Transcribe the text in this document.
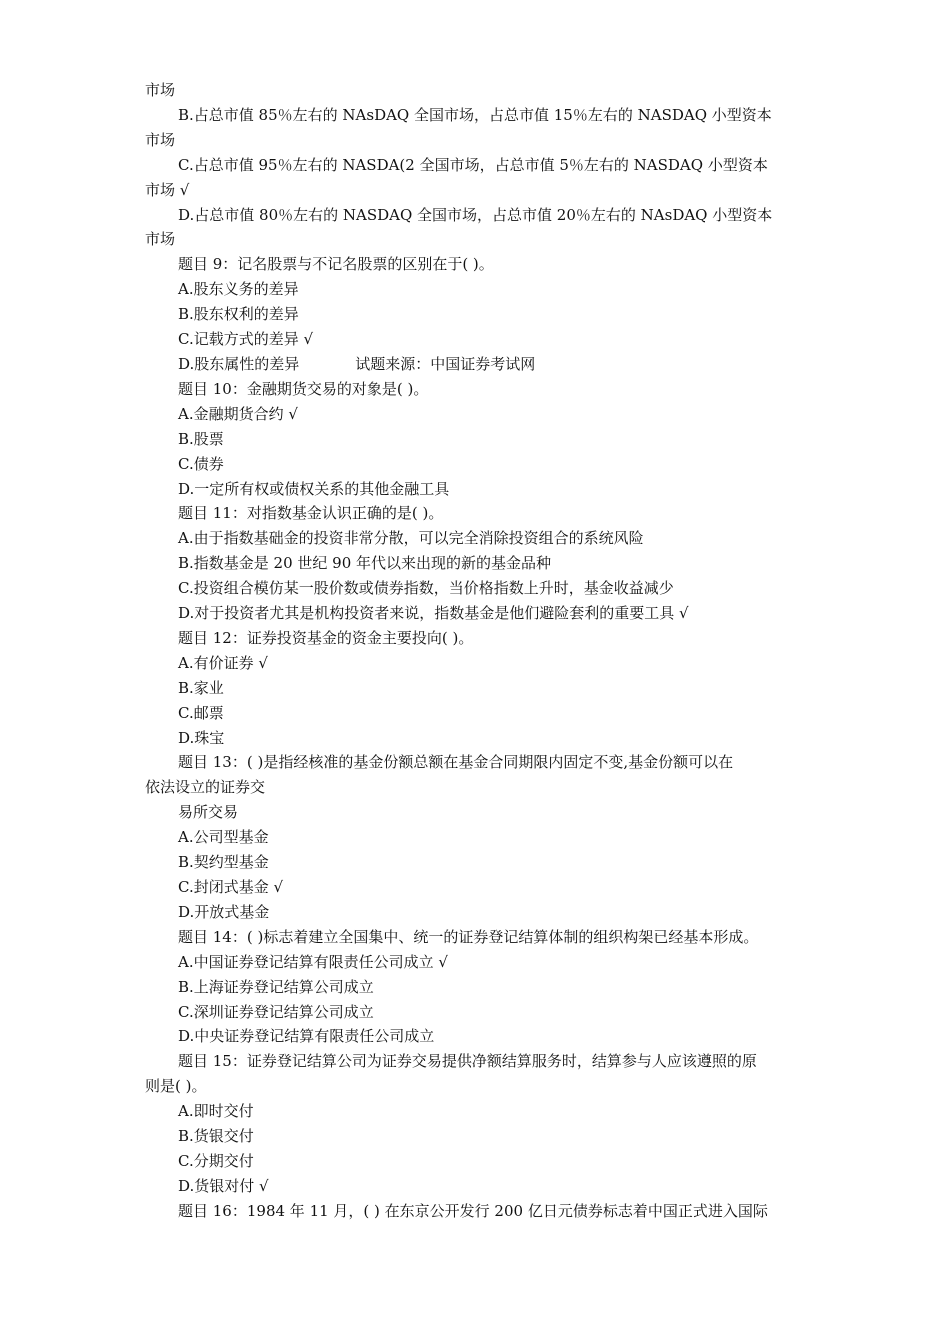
市场
B.占总市值 85％左右的 NAsDAQ 全国市场，占总市值 15％左右的 NASDAQ 小型资本
市场
C.占总市值 95％左右的 NASDA(2 全国市场，占总市值 5％左右的 NASDAQ 小型资本
市场 √
D.占总市值 80％左右的 NASDAQ 全国市场，占总市值 20％左右的 NAsDAQ 小型资本
市场
题目 9：记名股票与不记名股票的区别在于( )。
A.股东义务的差异
B.股东权利的差异
C.记载方式的差异 √
D.股东属性的差异	试题来源：中国证券考试网
题目 10：金融期货交易的对象是( )。
A.金融期货合约 √
B.股票
C.债券
D.一定所有权或债权关系的其他金融工具
题目 11：对指数基金认识正确的是( )。
A.由于指数基础金的投资非常分散，可以完全消除投资组合的系统风险
B.指数基金是 20 世纪 90 年代以来出现的新的基金品种
C.投资组合模仿某一股价数或债券指数，当价格指数上升时，基金收益减少
D.对于投资者尤其是机构投资者来说，指数基金是他们避险套利的重要工具 √
题目 12：证券投资基金的资金主要投向( )。
A.有价证券 √
B.家业
C.邮票
D.珠宝
题目 13：( )是指经核准的基金份额总额在基金合同期限内固定不变,基金份额可以在
依法设立的证券交
易所交易
A.公司型基金
B.契约型基金
C.封闭式基金 √
D.开放式基金
题目 14：( )标志着建立全国集中、统一的证券登记结算体制的组织构架已经基本形成。
A.中国证券登记结算有限责任公司成立 √
B.上海证券登记结算公司成立
C.深圳证券登记结算公司成立
D.中央证券登记结算有限责任公司成立
题目 15：证券登记结算公司为证券交易提供净额结算服务时，结算参与人应该遵照的原
则是( )。
A.即时交付
B.货银交付
C.分期交付
D.货银对付 √
题目 16：1984 年 11 月，( ) 在东京公开发行 200 亿日元债券标志着中国正式进入国际
